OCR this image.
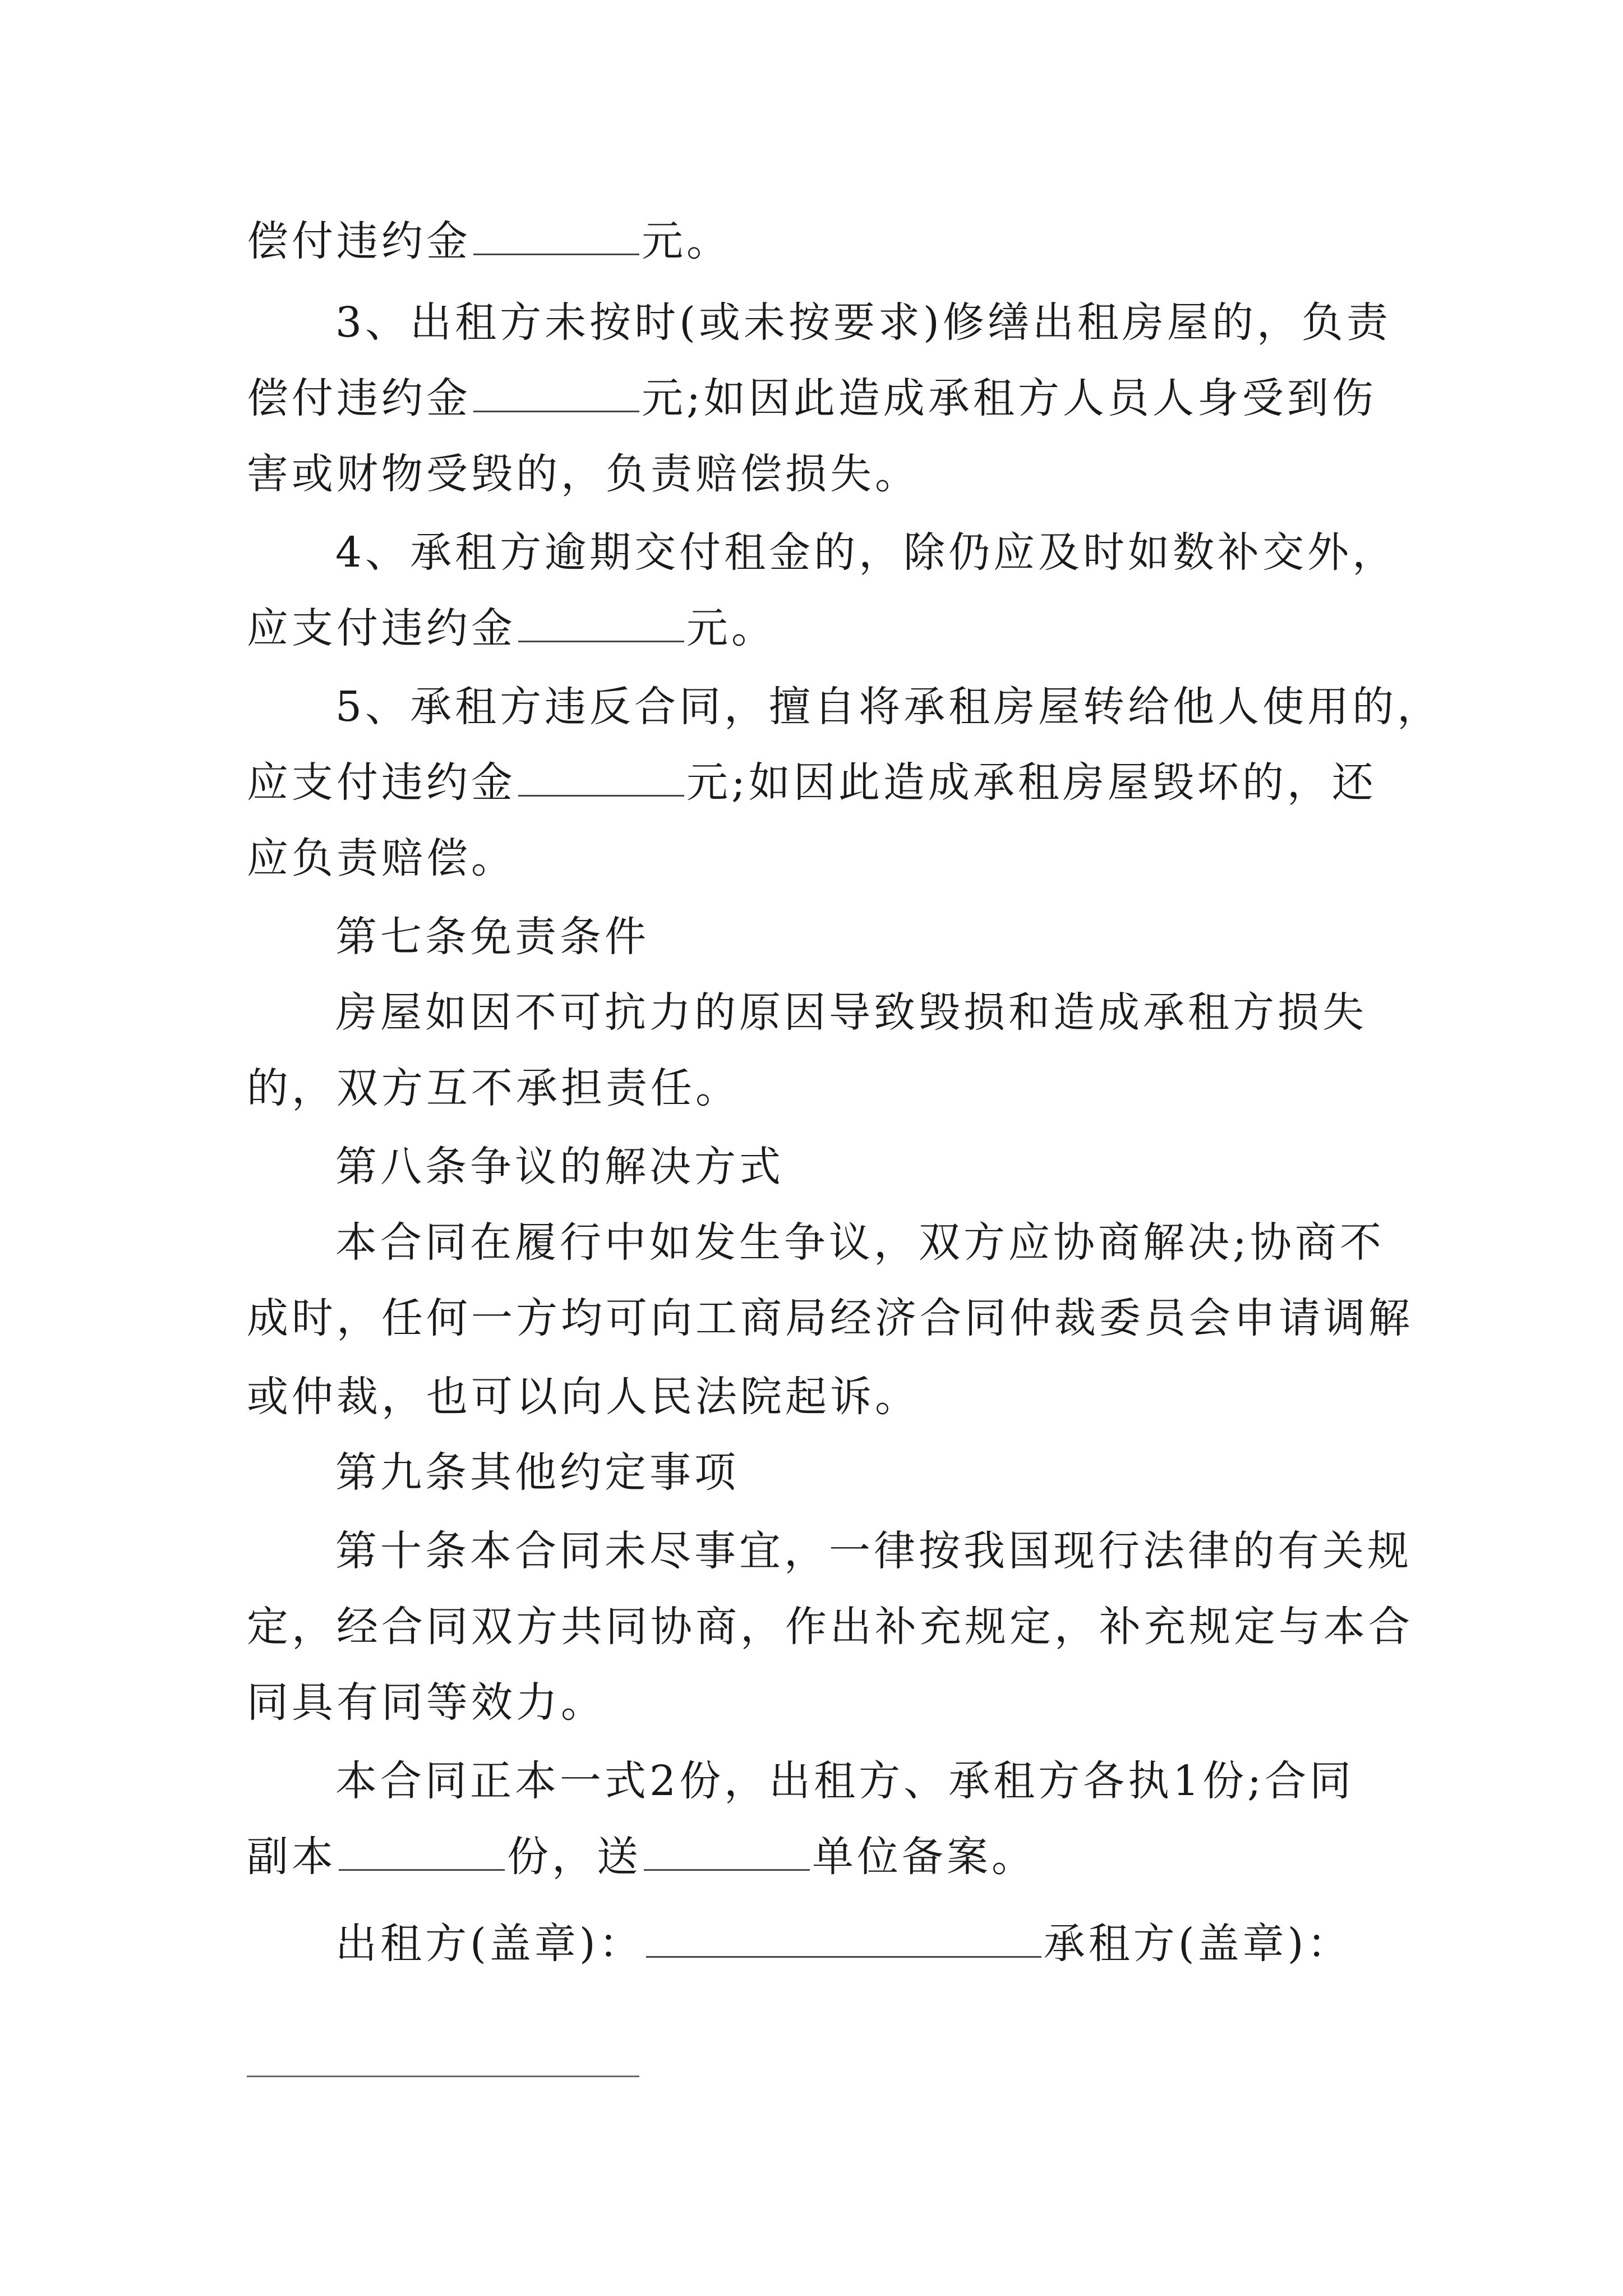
偿付违约金	元。
3、出租方未按时(或未按要求)修缮出租房屋的，负责
偿付违约金	元;如因此造成承租方人员人身受到伤
害或财物受毁的，负责赔偿损失。
4、承租方逾期交付租金的，除仍应及时如数补交外，
应支付违约金	元。
5、承租方违反合同，擅自将承租房屋转给他人使用的，
应支付违约金	元;如因此造成承租房屋毁坏的，还
应负责赔偿。
第七条免责条件
房屋如因不可抗力的原因导致毁损和造成承租方损失
的，双方互不承担责任。
第八条争议的解决方式
本合同在履行中如发生争议，双方应协商解决;协商不
成时，任何一方均可向工商局经济合同仲裁委员会申请调解
或仲裁，也可以向人民法院起诉。
第九条其他约定事项
第十条本合同未尽事宜，一律按我国现行法律的有关规
定，经合同双方共同协商，作出补充规定，补充规定与本合
同具有同等效力。
本合同正本一式2份，出租方、承租方各执1份;合同
副本	份，送	单位备案。
出租方(盖章)：	承租方(盖章)：
